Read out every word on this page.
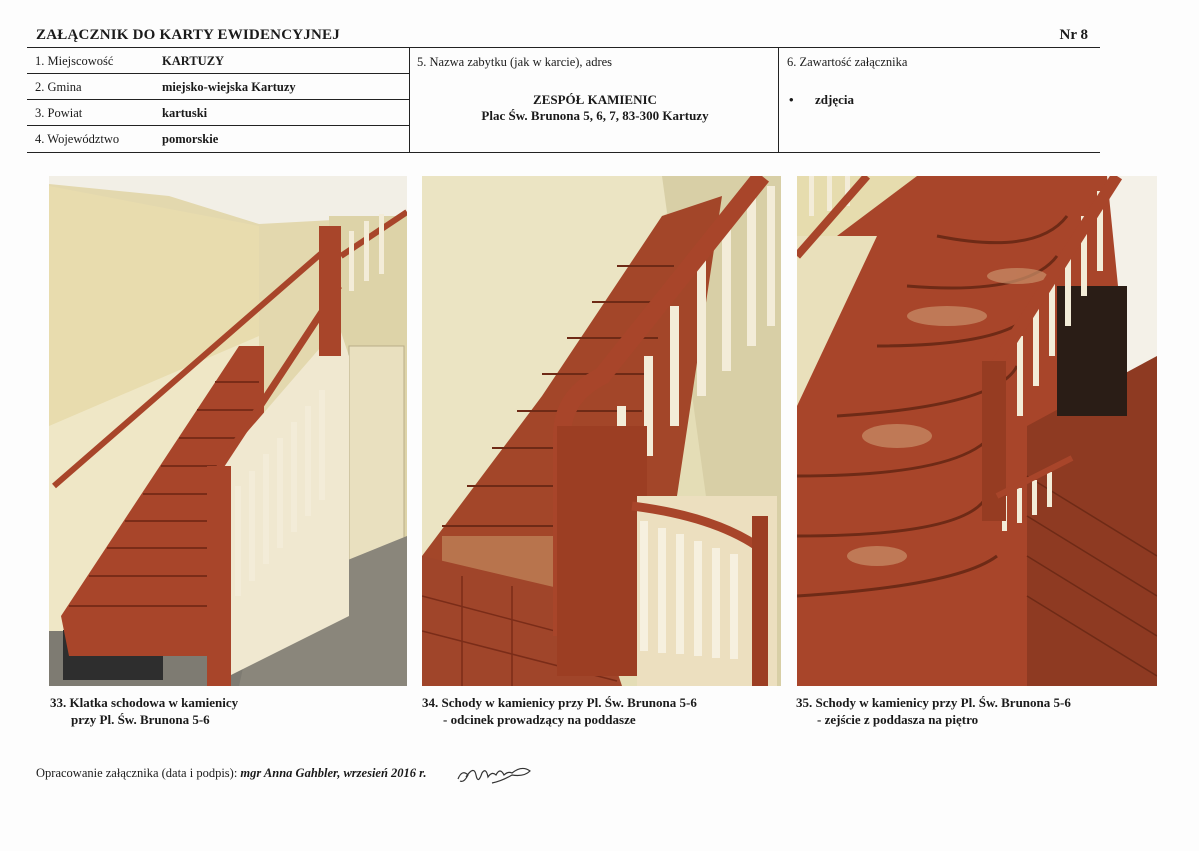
ZAŁĄCZNIK DO KARTY EWIDENCYJNEJ	Nr 8
1. Miejscowość	KARTUZY
2. Gmina	miejsko-wiejska Kartuzy
3. Powiat	kartuski
4. Województwo	pomorskie
5. Nazwa zabytku (jak w karcie), adres
ZESPÓŁ KAMIENIC
Plac Św. Brunona 5, 6, 7, 83-300 Kartuzy
6. Zawartość załącznika
• zdjęcia
33. Klatka schodowa w kamienicy
przy Pl. Św. Brunona 5-6
34. Schody w kamienicy przy Pl. Św. Brunona 5-6
- odcinek prowadzący na poddasze
35. Schody w kamienicy przy Pl. Św. Brunona 5-6
- zejście z poddasza na piętro
Opracowanie załącznika (data i podpis): mgr Anna Gahbler, wrzesień 2016 r.
